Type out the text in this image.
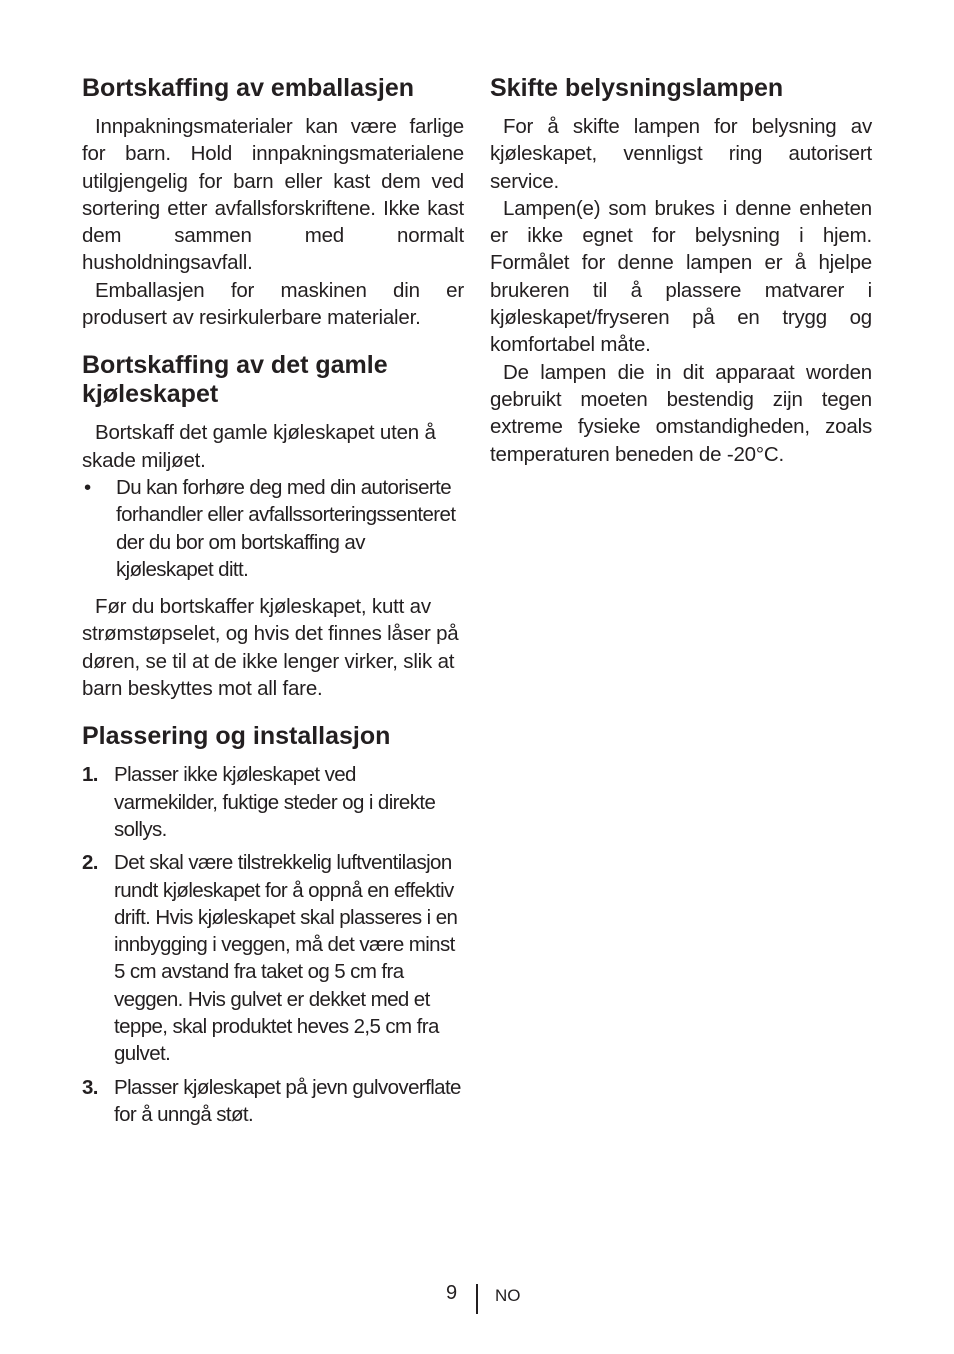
Bortskaffing av emballasjen

Innpakningsmaterialer kan være farlige for barn. Hold innpakningsmaterialene utilgjengelig for barn eller kast dem ved sortering etter avfallsforskriftene. Ikke kast dem sammen med normalt husholdningsavfall.

Emballasjen for maskinen din er produsert av resirkulerbare materialer.

Bortskaffing av det gamle kjøleskapet

Bortskaff det gamle kjøleskapet uten å skade miljøet.

•	Du kan forhøre deg med din autoriserte forhandler eller avfallssorteringssenteret der du bor om bortskaffing av kjøleskapet ditt.

Før du bortskaffer kjøleskapet, kutt av strømstøpselet, og hvis det finnes låser på døren, se til at de ikke lenger virker, slik at barn beskyttes mot all fare.

Plassering og installasjon
1. Plasser ikke kjøleskapet ved varmekilder, fuktige steder og i direkte sollys.
2. Det skal være tilstrekkelig luftventilasjon rundt kjøleskapet for å oppnå en effektiv drift. Hvis kjøleskapet skal plasseres i en innbygging i veggen, må det være minst 5 cm avstand fra taket og 5 cm fra veggen. Hvis gulvet er dekket med et teppe, skal produktet heves 2,5 cm fra gulvet.
3. Plasser kjøleskapet på jevn gulvoverflate for å unngå støt.
Skifte belysningslampen

For å skifte lampen for belysning av kjøleskapet, vennligst ring autorisert service.

Lampen(e) som brukes i denne enheten er ikke egnet for belysning i hjem. Formålet for denne lampen er å hjelpe brukeren til å plassere matvarer i kjøleskapet/fryseren på en trygg og komfortabel måte.

De lampen die in dit apparaat worden gebruikt moeten bestendig zijn tegen extreme fysieke omstandigheden, zoals temperaturen beneden de -20°C.

9 NO
